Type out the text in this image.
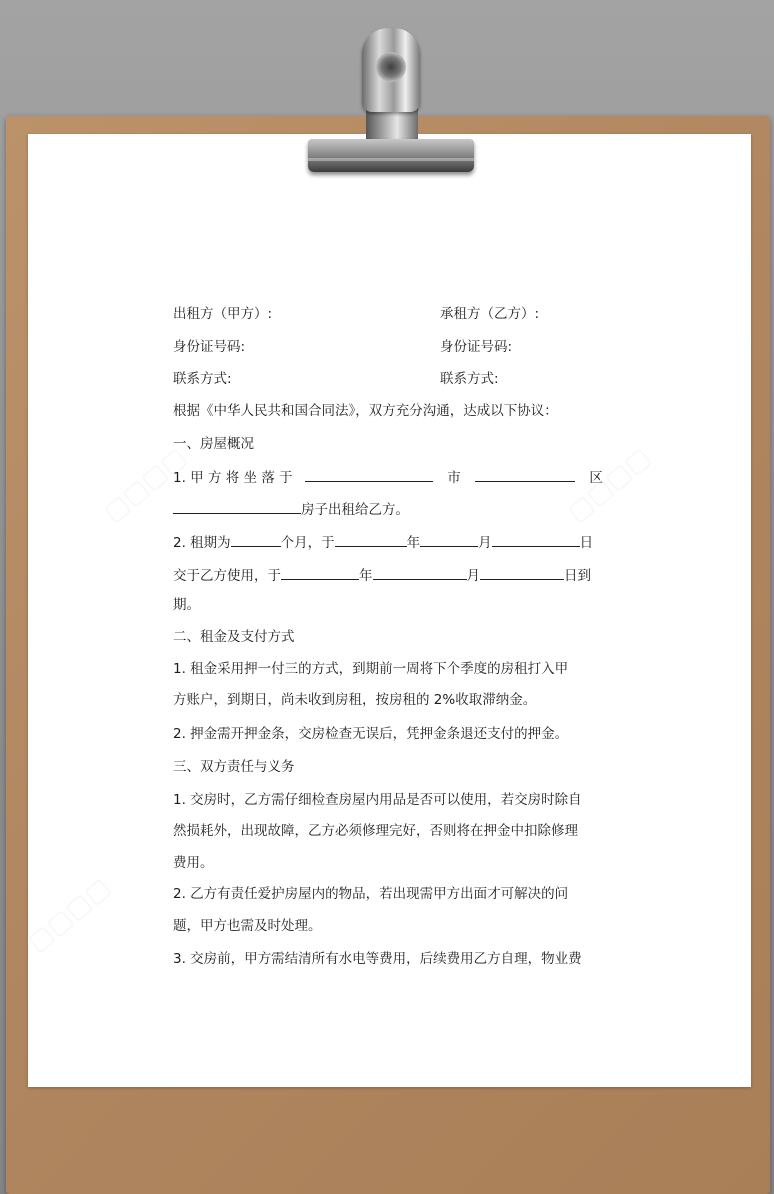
出租方（甲方）:	承租方（乙方）:
身份证号码:	身份证号码:
联系方式:	联系方式:
根据《中华人民共和国合同法》，双方充分沟通，达成以下协议：
一、房屋概况
1. 甲 方 将 坐 落 于	市	区
房子出租给乙方。
2. 租期为	个月，于	年	月	日
交于乙方使用，于	年	月	日到
期。
二、租金及支付方式
1. 租金采用押一付三的方式，到期前一周将下个季度的房租打入甲
方账户，到期日，尚未收到房租，按房租的 2%收取滞纳金。
2. 押金需开押金条，交房检查无误后，凭押金条退还支付的押金。
三、双方责任与义务
1. 交房时，乙方需仔细检查房屋内用品是否可以使用，若交房时除自
然损耗外，出现故障，乙方必须修理完好，否则将在押金中扣除修理
费用。
2. 乙方有责任爱护房屋内的物品，若出现需甲方出面才可解决的问
题，甲方也需及时处理。
3. 交房前，甲方需结清所有水电等费用，后续费用乙方自理，物业费
